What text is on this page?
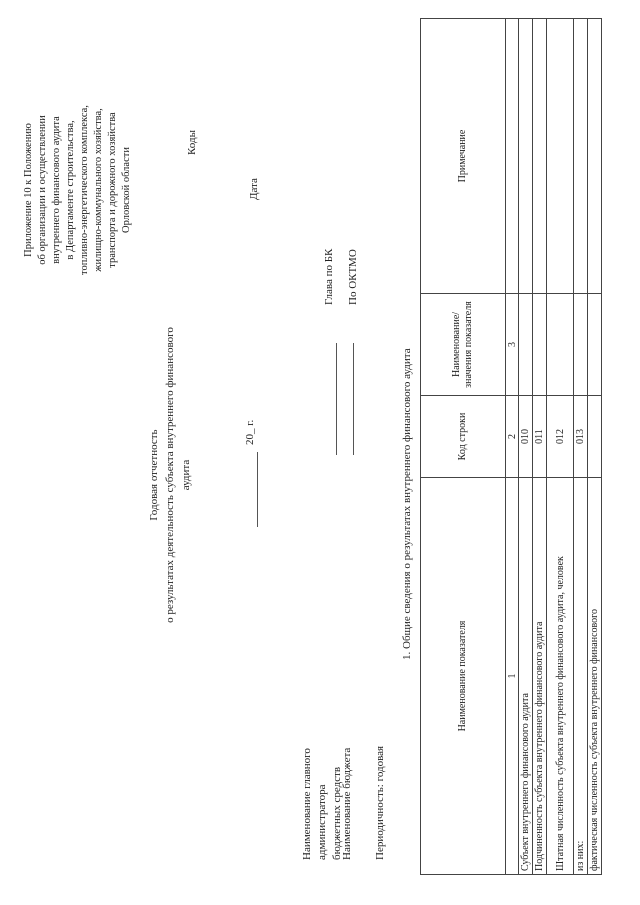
Приложение 10 к Положению об организации и осуществлении внутреннего финансового аудита в Департаменте строительства, топливно-энергетического комплекса, жилищно-коммунального хозяйства, транспорта и дорожного хозяйства Орловской области
Коды
Годовая отчетность о результатах деятельность субъекта внутреннего финансового аудита
20_ г.
Дата
Наименование главного администратора бюджетных средств
Глава по БК
Наименование бюджета
По ОКТМО
Периодичность: годовая
1. Общие сведения о результатах внутреннего финансового аудита
Наименование показателя	Код строки	Наименование/ значения показателя	Примечание
1	2	3	
Субъект внутреннего финансового аудита	010		
Подчиненность субъекта внутреннего финансового аудита	011		
Штатная численность субъекта внутреннего финансового аудита, человек	012		
из них:	013		
фактическая численность субъекта внутреннего финансового			
